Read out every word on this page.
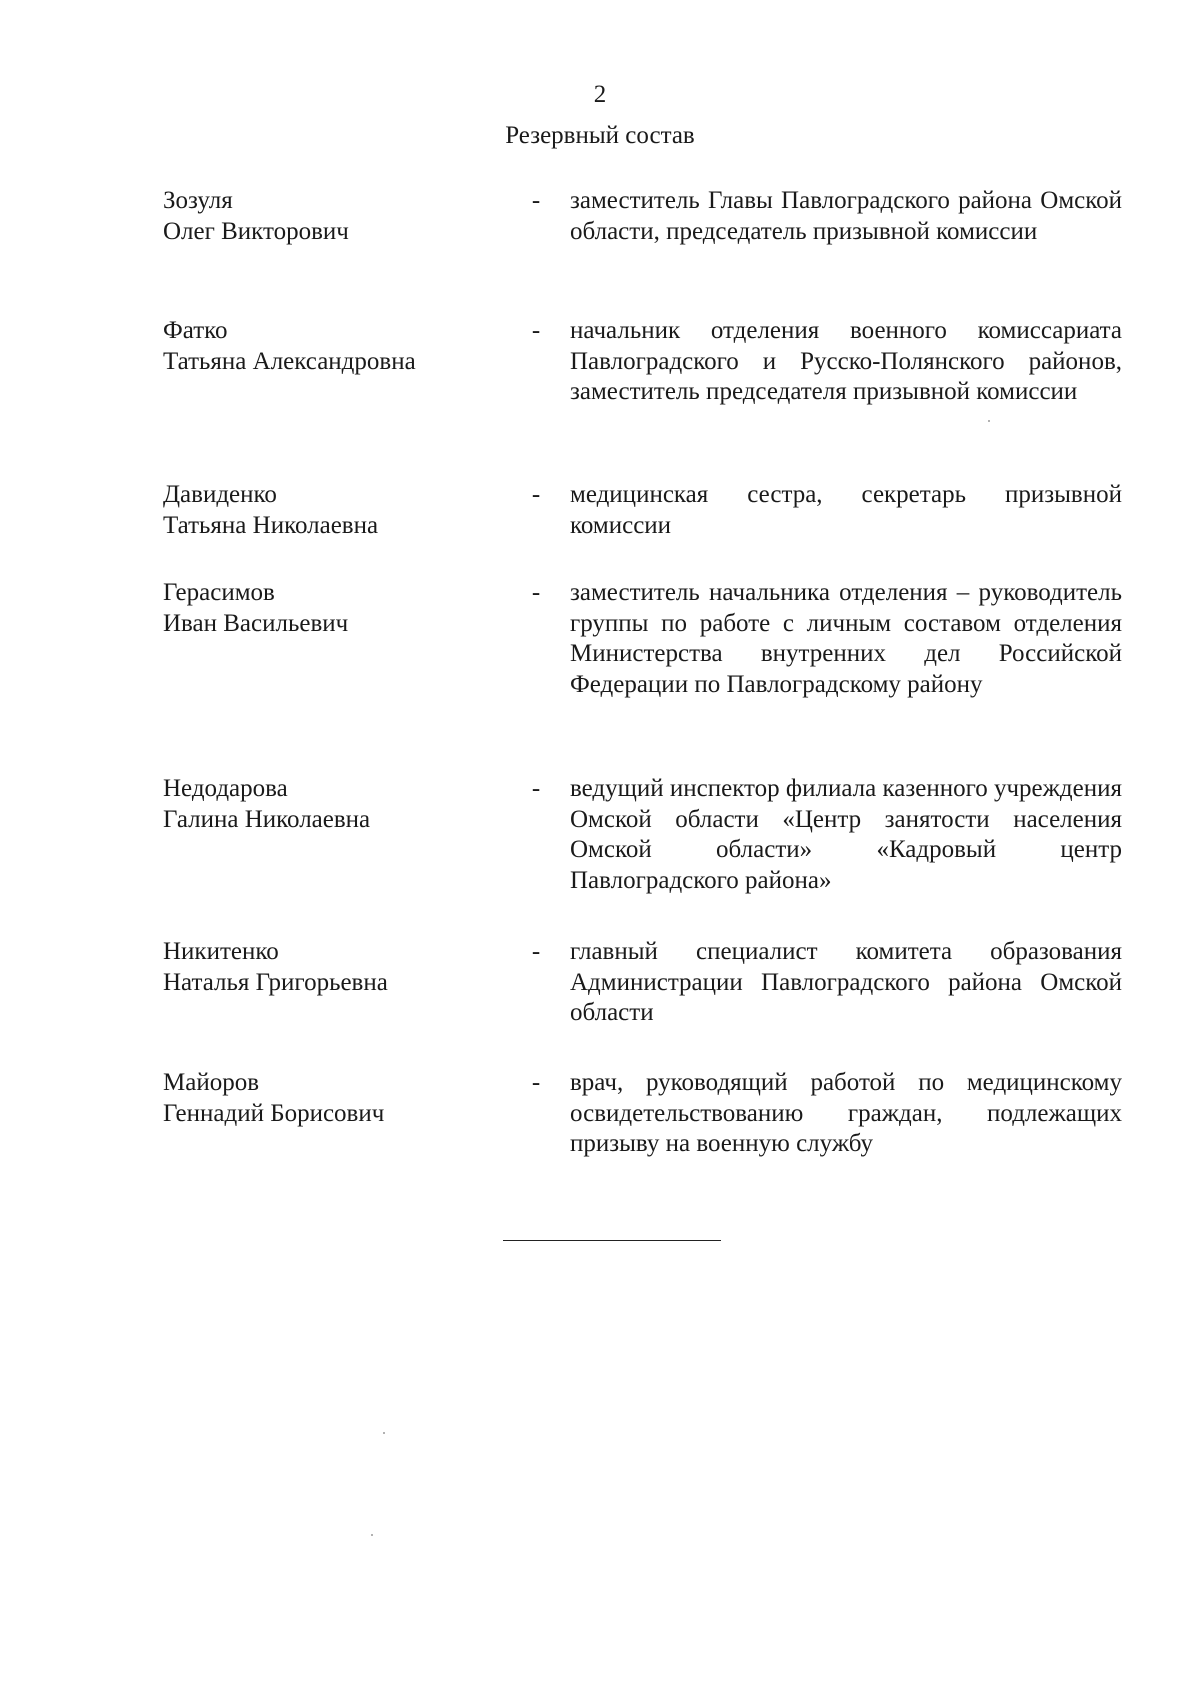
2
Резервный состав
Зозуля
Олег Викторович
- заместитель Главы Павлоградского района Омской области, председатель призывной комиссии
Фатко
Татьяна Александровна
- начальник отделения военного комиссариата Павлоградского и Русско-Полянского районов, заместитель председателя призывной комиссии
Давиденко
Татьяна Николаевна
- медицинская сестра, секретарь призывной комиссии
Герасимов
Иван Васильевич
- заместитель начальника отделения – руководитель группы по работе с личным составом отделения Министерства внутренних дел Российской Федерации по Павлоградскому району
Недодарова
Галина Николаевна
- ведущий инспектор филиала казенного учреждения Омской области «Центр занятости населения Омской области» «Кадровый центр Павлоградского района»
Никитенко
Наталья Григорьевна
- главный специалист комитета образования Администрации Павлоградского района Омской области
Майоров
Геннадий Борисович
- врач, руководящий работой по медицинскому освидетельствованию граждан, подлежащих призыву на военную службу
